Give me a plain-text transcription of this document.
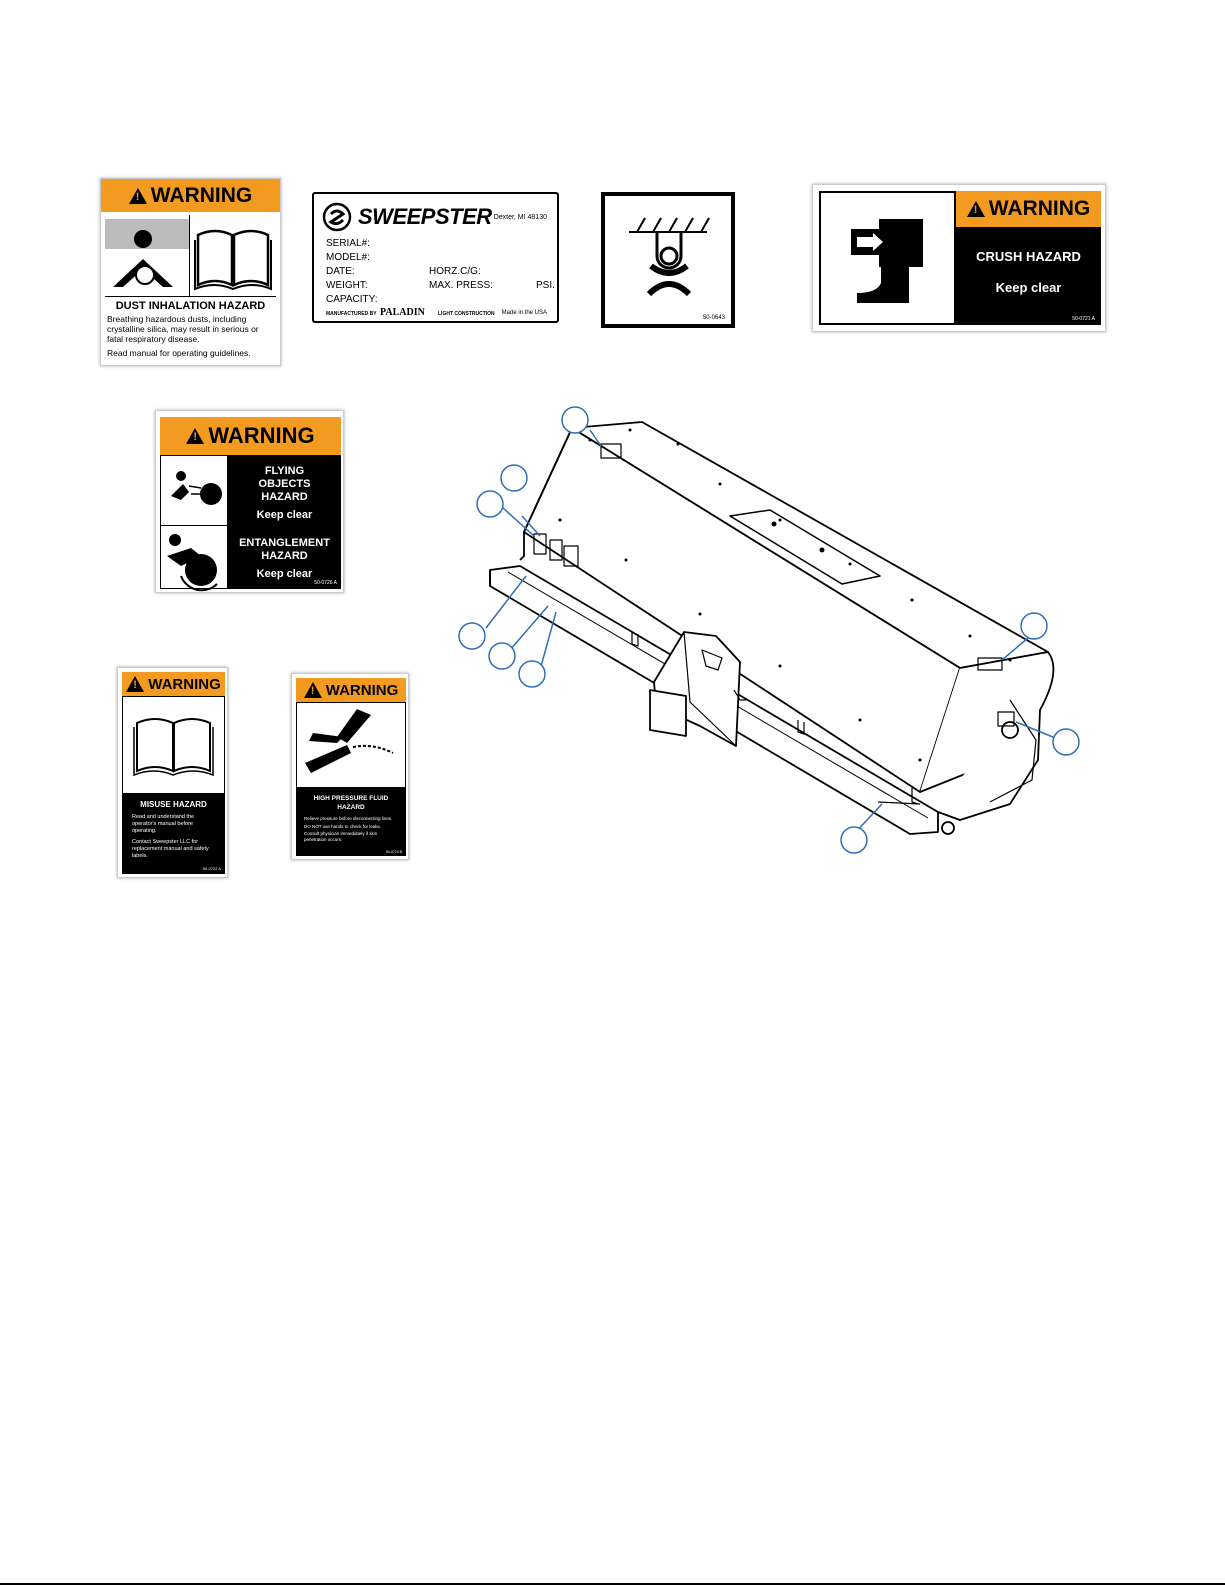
!
WARNING
DUST INHALATION HAZARD
Breathing hazardous dusts, including crystalline silica, may result in serious or fatal respiratory disease.
Read manual for operating guidelines.
SWEEPSTER Dexter, MI 48130
SERIAL#:
MODEL#:
DATE:	HORZ.C/G:
WEIGHT:	MAX. PRESS:	PSI.
CAPACITY:
MANUFACTURED BY PALADIN	LIGHT CONSTRUCTION Made in the USA
50-0643
!
WARNING
CRUSH HAZARD
Keep clear
50-0721 A
!
WARNING
FLYING OBJECTS HAZARD
Keep clear
ENTANGLEMENT HAZARD
Keep clear
50-0726 A
!
WARNING
MISUSE HAZARD
Read and understand the operator's manual before operating.
Contact Sweepster LLC for replacement manual and safety labels.
50-0722 A
!
WARNING
HIGH PRESSURE FLUID HAZARD
Relieve pressure before disconnecting lines.
DO NOT use hands to check for leaks.
Consult physician immediately if skin penetration occurs.
50-0724 B
